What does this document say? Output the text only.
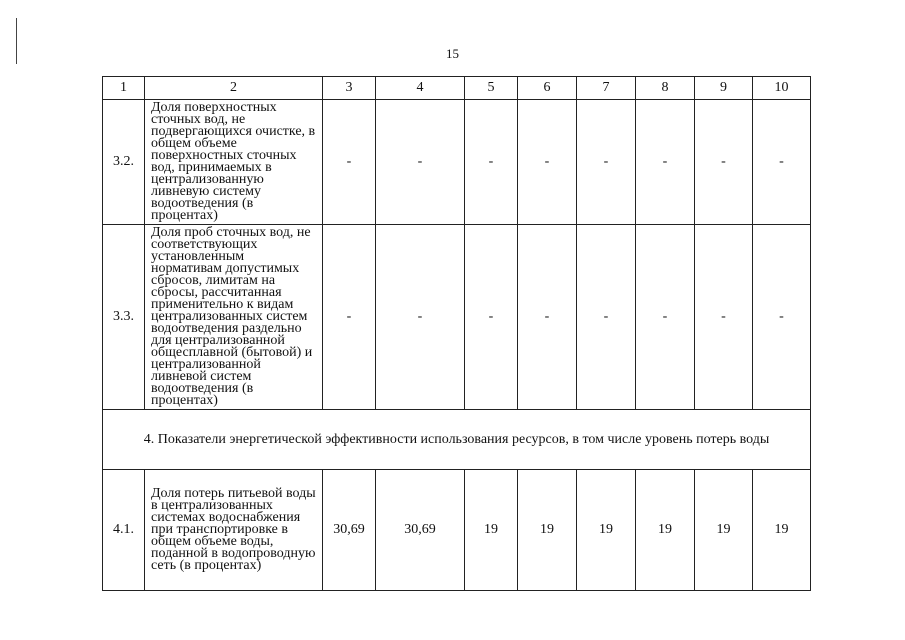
15
1	2	3	4	5	6	7	8	9	10
3.2.	Доля поверхностных сточных вод, не подвергающихся очистке, в общем объеме поверхностных сточных вод, принимаемых в централизованную ливневую систему водоотведения (в процентах)	-	-	-	-	-	-	-	-
3.3.	Доля проб сточных вод, не соответствующих установленным нормативам допустимых сбросов, лимитам на сбросы, рассчитанная применительно к видам централизованных систем водоотведения раздельно для централизованной общесплавной (бытовой) и централизованной ливневой систем водоотведения (в процентах)	-	-	-	-	-	-	-	-
4. Показатели энергетической эффективности использования ресурсов, в том числе уровень потерь воды									
4.1.	Доля потерь питьевой воды в централизованных системах водоснабжения при транспортировке в общем объеме воды, поданной в водопроводную сеть (в процентах)	30,69	30,69	19	19	19	19	19	19
